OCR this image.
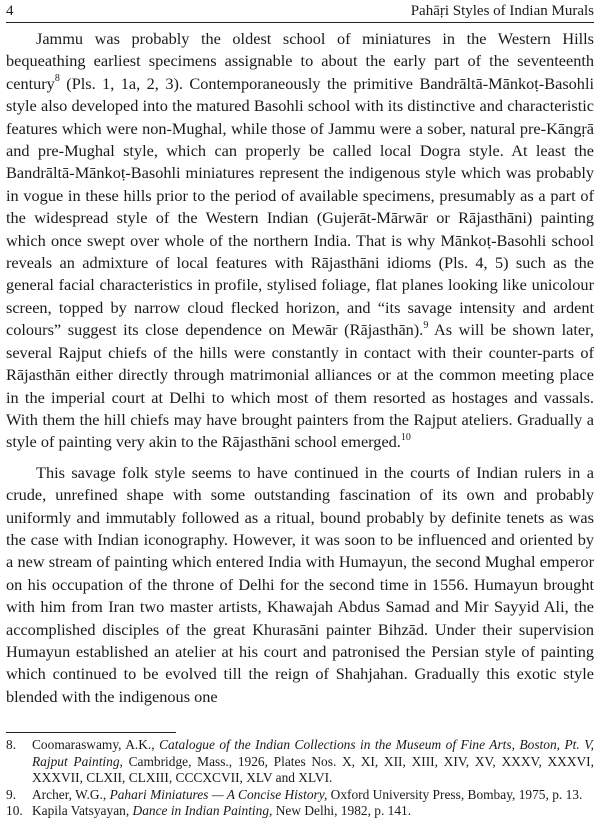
4	Pahāṛi Styles of Indian Murals

Jammu was probably the oldest school of miniatures in the Western Hills bequeathing earliest specimens assignable to about the early part of the seventeenth century$^8$ (Pls. 1, 1a, 2, 3). Contemporaneously the primitive Bandrāltā-Mānkoṭ-Basohli style also developed into the matured Basohli school with its distinctive and characteristic features which were non-Mughal, while those of Jammu were a sober, natural pre-Kāngṛā and pre-Mughal style, which can properly be called local Dogra style. At least the Bandrāltā-Mānkoṭ-Basohli miniatures represent the indigenous style which was probably in vogue in these hills prior to the period of available specimens, presumably as a part of the widespread style of the Western Indian (Gujerāt-Mārwār or Rājasthāni) painting which once swept over whole of the northern India. That is why Mānkoṭ-Basohli school reveals an admixture of local features with Rājasthāni idioms (Pls. 4, 5) such as the general facial characteristics in profile, stylised foliage, flat planes looking like unicolour screen, topped by narrow cloud flecked horizon, and “its savage intensity and ardent colours” suggest its close dependence on Mewār (Rājasthān).$^9$ As will be shown later, several Rajput chiefs of the hills were constantly in contact with their counter-parts of Rājasthān either directly through matrimonial alliances or at the common meeting place in the imperial court at Delhi to which most of them resorted as hostages and vassals. With them the hill chiefs may have brought painters from the Rajput ateliers. Gradually a style of painting very akin to the Rājasthāni school emerged.$^{10}$

This savage folk style seems to have continued in the courts of Indian rulers in a crude, unrefined shape with some outstanding fascination of its own and probably uniformly and immutably followed as a ritual, bound probably by definite tenets as was the case with Indian iconography. However, it was soon to be influenced and oriented by a new stream of painting which entered India with Humayun, the second Mughal emperor on his occupation of the throne of Delhi for the second time in 1556. Humayun brought with him from Iran two master artists, Khawajah Abdus Samad and Mir Sayyid Ali, the accomplished disciples of the great Khurasāni painter Bihzād. Under their supervision Humayun established an atelier at his court and patronised the Persian style of painting which continued to be evolved till the reign of Shahjahan. Gradually this exotic style blended with the indigenous one

8.	Coomaraswamy, A.K., Catalogue of the Indian Collections in the Museum of Fine Arts, Boston, Pt. V, Rajput Painting, Cambridge, Mass., 1926, Plates Nos. X, XI, XII, XIII, XIV, XV, XXXV, XXXVI, XXXVII, CLXII, CLXIII, CCCXCVII, XLV and XLVI.

9.	Archer, W.G., Pahari Miniatures — A Concise History, Oxford University Press, Bombay, 1975, p. 13.

10. Kapila Vatsyayan, Dance in Indian Painting, New Delhi, 1982, p. 141.
